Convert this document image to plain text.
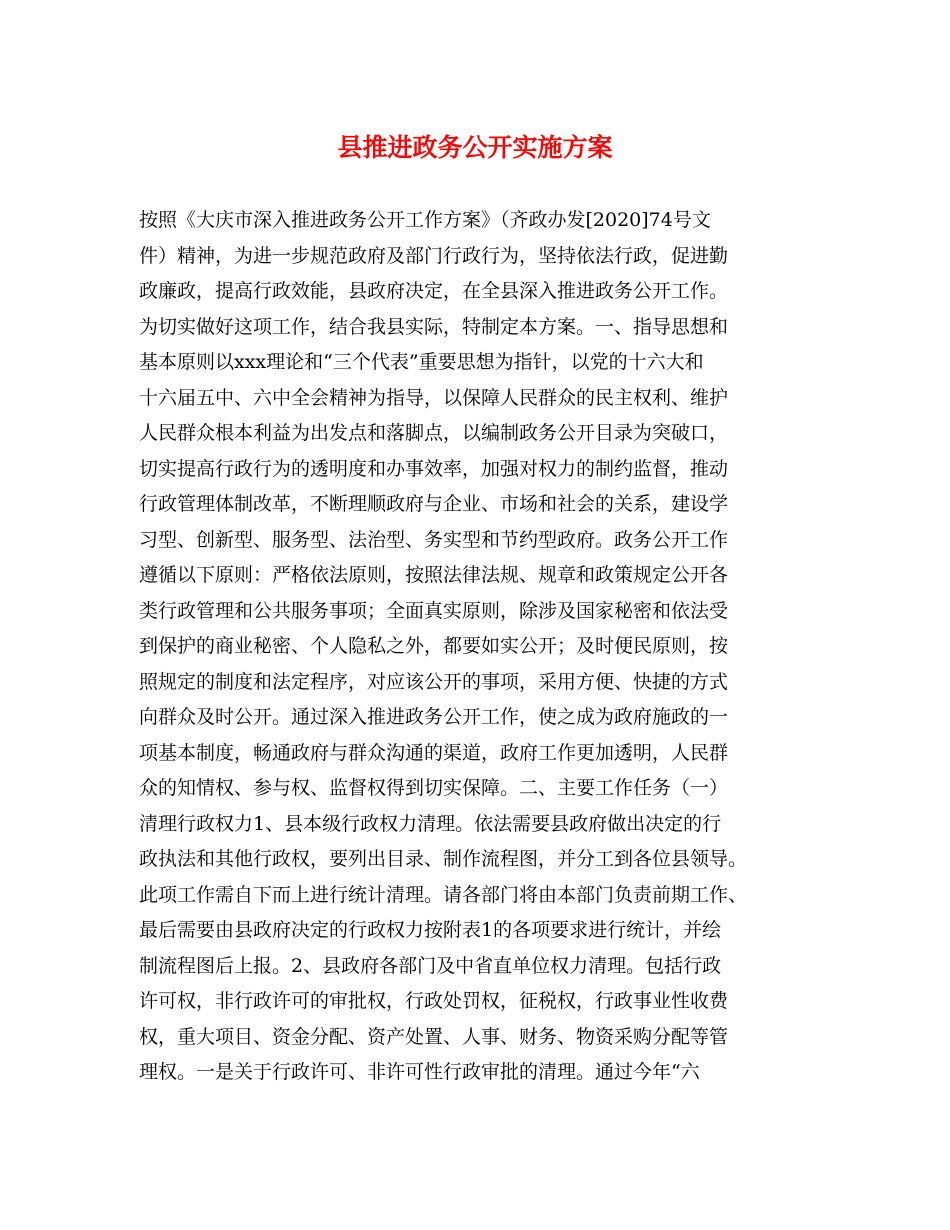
县推进政务公开实施方案
按照《大庆市深入推进政务公开工作方案》（齐政办发[2020]74号文
件）精神，为进一步规范政府及部门行政行为，坚持依法行政，促进勤
政廉政，提高行政效能，县政府决定，在全县深入推进政务公开工作。
为切实做好这项工作，结合我县实际，特制定本方案。一、指导思想和
基本原则以xxx理论和“三个代表”重要思想为指针，以党的十六大和
十六届五中、六中全会精神为指导，以保障人民群众的民主权利、维护
人民群众根本利益为出发点和落脚点，以编制政务公开目录为突破口，
切实提高行政行为的透明度和办事效率，加强对权力的制约监督，推动
行政管理体制改革，不断理顺政府与企业、市场和社会的关系，建设学
习型、创新型、服务型、法治型、务实型和节约型政府。政务公开工作
遵循以下原则：严格依法原则，按照法律法规、规章和政策规定公开各
类行政管理和公共服务事项；全面真实原则，除涉及国家秘密和依法受
到保护的商业秘密、个人隐私之外，都要如实公开；及时便民原则，按
照规定的制度和法定程序，对应该公开的事项，采用方便、快捷的方式
向群众及时公开。通过深入推进政务公开工作，使之成为政府施政的一
项基本制度，畅通政府与群众沟通的渠道，政府工作更加透明，人民群
众的知情权、参与权、监督权得到切实保障。二、主要工作任务（一）
清理行政权力1、县本级行政权力清理。依法需要县政府做出决定的行
政执法和其他行政权，要列出目录、制作流程图，并分工到各位县领导。
此项工作需自下而上进行统计清理。请各部门将由本部门负责前期工作、
最后需要由县政府决定的行政权力按附表1的各项要求进行统计，并绘
制流程图后上报。2、县政府各部门及中省直单位权力清理。包括行政
许可权，非行政许可的审批权，行政处罚权，征税权，行政事业性收费
权，重大项目、资金分配、资产处置、人事、财务、物资采购分配等管
理权。一是关于行政许可、非许可性行政审批的清理。通过今年“六
